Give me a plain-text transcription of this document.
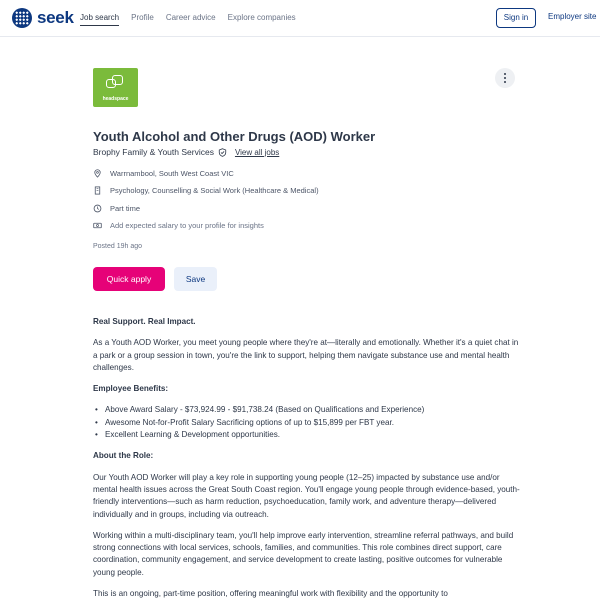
seek Job search Profile Career advice Explore companies	Sign in	Employer site
headspace
Youth Alcohol and Other Drugs (AOD) Worker
Brophy Family & Youth Services	View all jobs
Warrnambool, South West Coast VIC
Psychology, Counselling & Social Work (Healthcare & Medical)
Part time
Add expected salary to your profile for insights
Posted 19h ago
Quick apply	Save

Real Support. Real Impact.

As a Youth AOD Worker, you meet young people where they're at—literally and emotionally. Whether it's a quiet chat in a park or a group session in town, you're the link to support, helping them navigate substance use and mental health challenges.

Employee Benefits:

• Above Award Salary - $73,924.99 - $91,738.24 (Based on Qualifications and Experience)
• Awesome Not-for-Profit Salary Sacrificing options of up to $15,899 per FBT year.
• Excellent Learning & Development opportunities.

About the Role:

Our Youth AOD Worker will play a key role in supporting young people (12–25) impacted by substance use and/or mental health issues across the Great South Coast region. You'll engage young people through evidence-based, youth-friendly interventions—such as harm reduction, psychoeducation, family work, and adventure therapy—delivered individually and in groups, including via outreach.

Working within a multi-disciplinary team, you'll help improve early intervention, streamline referral pathways, and build strong connections with local services, schools, families, and communities. This role combines direct support, care coordination, community engagement, and service development to create lasting, positive outcomes for vulnerable young people.

This is an ongoing, part-time position, offering meaningful work with flexibility and the opportunity to
